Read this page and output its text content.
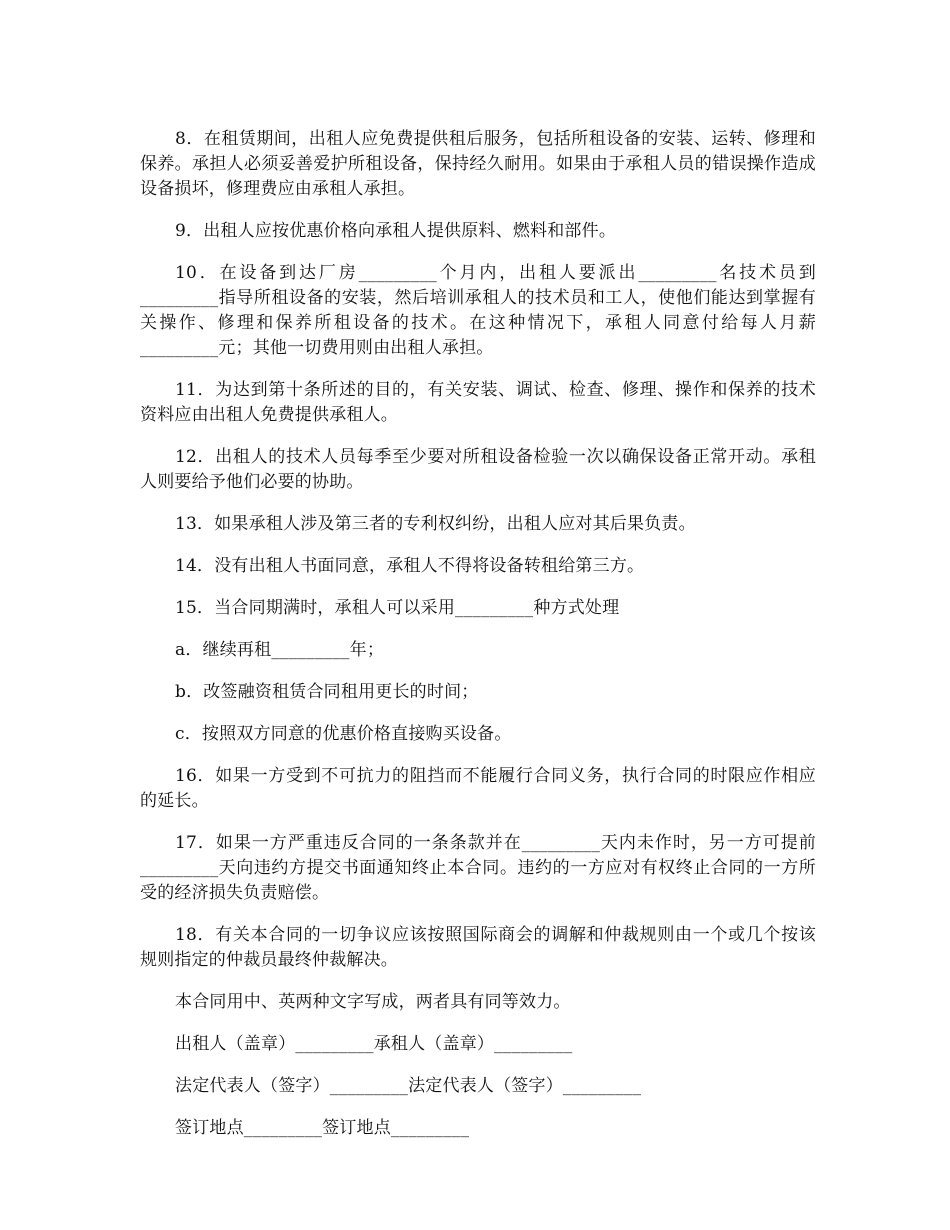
8．在租赁期间，出租人应免费提供租后服务，包括所租设备的安装、运转、修理和保养。承担人必须妥善爱护所租设备，保持经久耐用。如果由于承租人员的错误操作造成设备损坏，修理费应由承租人承担。

9．出租人应按优惠价格向承租人提供原料、燃料和部件。

10．在设备到达厂房_________个月内，出租人要派出_________名技术员到_________指导所租设备的安装，然后培训承租人的技术员和工人，使他们能达到掌握有关操作、修理和保养所租设备的技术。在这种情况下，承租人同意付给每人月薪_________元；其他一切费用则由出租人承担。

11．为达到第十条所述的目的，有关安装、调试、检查、修理、操作和保养的技术资料应由出租人免费提供承租人。

12．出租人的技术人员每季至少要对所租设备检验一次以确保设备正常开动。承租人则要给予他们必要的协助。

13．如果承租人涉及第三者的专利权纠纷，出租人应对其后果负责。

14．没有出租人书面同意，承租人不得将设备转租给第三方。

15．当合同期满时，承租人可以采用_________种方式处理

a．继续再租_________年；

b．改签融资租赁合同租用更长的时间；

c．按照双方同意的优惠价格直接购买设备。

16．如果一方受到不可抗力的阻挡而不能履行合同义务，执行合同的时限应作相应的延长。

17．如果一方严重违反合同的一条条款并在_________天内未作时，另一方可提前_________天向违约方提交书面通知终止本合同。违约的一方应对有权终止合同的一方所受的经济损失负责赔偿。

18．有关本合同的一切争议应该按照国际商会的调解和仲裁规则由一个或几个按该规则指定的仲裁员最终仲裁解决。

本合同用中、英两种文字写成，两者具有同等效力。

出租人（盖章）_________承租人（盖章）_________

法定代表人（签字）_________法定代表人（签字）_________

签订地点_________签订地点_________
